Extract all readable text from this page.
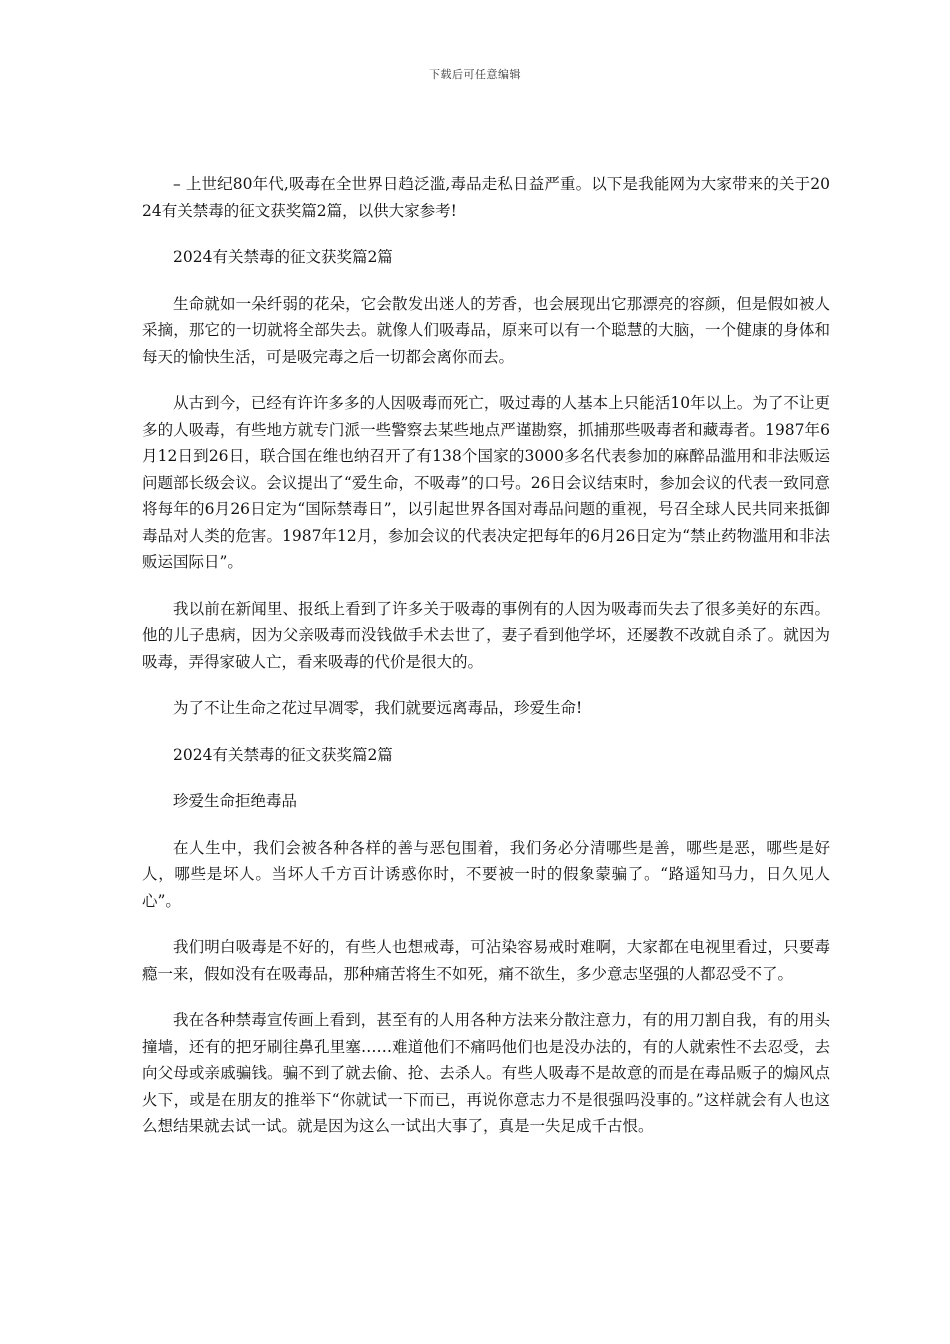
下载后可任意编辑

– 上世纪80年代,吸毒在全世界日趋泛滥,毒品走私日益严重。以下是我能网为大家带来的关于2024有关禁毒的征文获奖篇2篇，以供大家参考!

2024有关禁毒的征文获奖篇2篇

生命就如一朵纤弱的花朵，它会散发出迷人的芳香，也会展现出它那漂亮的容颜，但是假如被人采摘，那它的一切就将全部失去。就像人们吸毒品，原来可以有一个聪慧的大脑，一个健康的身体和每天的愉快生活，可是吸完毒之后一切都会离你而去。

从古到今，已经有许许多多的人因吸毒而死亡，吸过毒的人基本上只能活10年以上。为了不让更多的人吸毒，有些地方就专门派一些警察去某些地点严谨勘察，抓捕那些吸毒者和藏毒者。1987年6月12日到26日，联合国在维也纳召开了有138个国家的3000多名代表参加的麻醉品滥用和非法贩运问题部长级会议。会议提出了“爱生命，不吸毒”的口号。26日会议结束时，参加会议的代表一致同意将每年的6月26日定为“国际禁毒日”，以引起世界各国对毒品问题的重视，号召全球人民共同来抵御毒品对人类的危害。1987年12月，参加会议的代表决定把每年的6月26日定为“禁止药物滥用和非法贩运国际日”。

我以前在新闻里、报纸上看到了许多关于吸毒的事例有的人因为吸毒而失去了很多美好的东西。他的儿子患病，因为父亲吸毒而没钱做手术去世了，妻子看到他学坏，还屡教不改就自杀了。就因为吸毒，弄得家破人亡，看来吸毒的代价是很大的。

为了不让生命之花过早凋零，我们就要远离毒品，珍爱生命!

2024有关禁毒的征文获奖篇2篇

珍爱生命拒绝毒品

在人生中，我们会被各种各样的善与恶包围着，我们务必分清哪些是善，哪些是恶，哪些是好人，哪些是坏人。当坏人千方百计诱惑你时，不要被一时的假象蒙骗了。“路遥知马力，日久见人心”。

我们明白吸毒是不好的，有些人也想戒毒，可沾染容易戒时难啊，大家都在电视里看过，只要毒瘾一来，假如没有在吸毒品，那种痛苦将生不如死，痛不欲生，多少意志坚强的人都忍受不了。

我在各种禁毒宣传画上看到，甚至有的人用各种方法来分散注意力，有的用刀割自我，有的用头撞墙，还有的把牙刷往鼻孔里塞……难道他们不痛吗他们也是没办法的，有的人就索性不去忍受，去向父母或亲戚骗钱。骗不到了就去偷、抢、去杀人。有些人吸毒不是故意的而是在毒品贩子的煽风点火下，或是在朋友的推举下“你就试一下而已，再说你意志力不是很强吗没事的。”这样就会有人也这么想结果就去试一试。就是因为这么一试出大事了，真是一失足成千古恨。
